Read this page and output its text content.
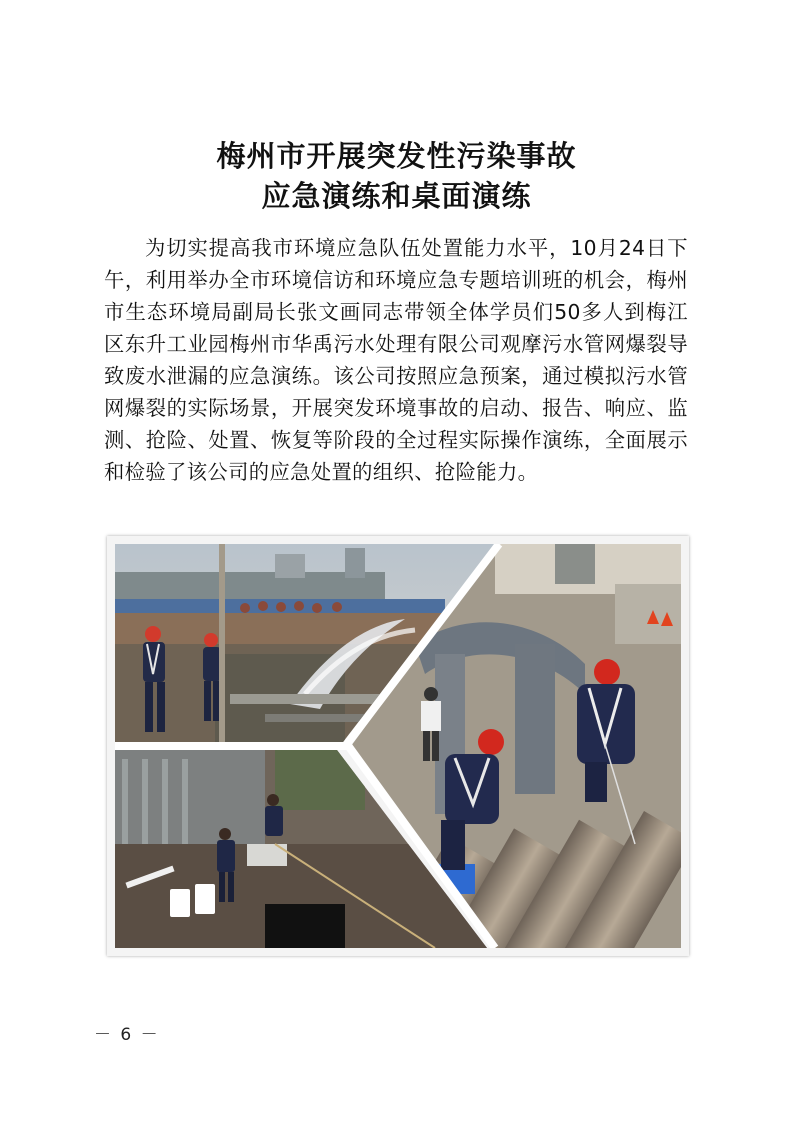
梅州市开展突发性污染事故
应急演练和桌面演练

为切实提高我市环境应急队伍处置能力水平，10月24日下午，利用举办全市环境信访和环境应急专题培训班的机会，梅州市生态环境局副局长张文画同志带领全体学员们50多人到梅江区东升工业园梅州市华禹污水处理有限公司观摩污水管网爆裂导致废水泄漏的应急演练。该公司按照应急预案，通过模拟污水管网爆裂的实际场景，开展突发环境事故的启动、报告、响应、监测、抢险、处置、恢复等阶段的全过程实际操作演练，全面展示和检验了该公司的应急处置的组织、抢险能力。

－ 6 －
